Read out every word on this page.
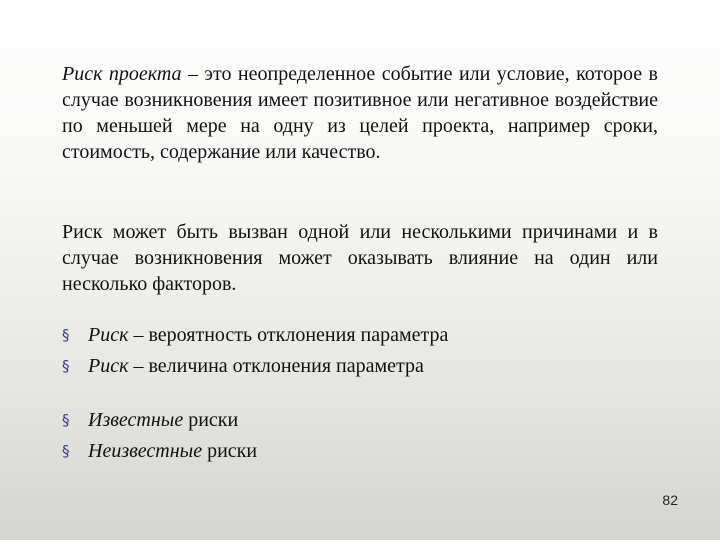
Риск проекта – это неопределенное событие или условие, которое в случае возникновения имеет позитивное или негативное воздействие по меньшей мере на одну из целей проекта, например сроки, стоимость, содержание или качество.

Риск может быть вызван одной или несколькими причинами и в случае возникновения может оказывать влияние на один или несколько факторов.

§ Риск – вероятность отклонения параметра
§ Риск – величина отклонения параметра
§ Известные риски
§ Неизвестные риски
82
